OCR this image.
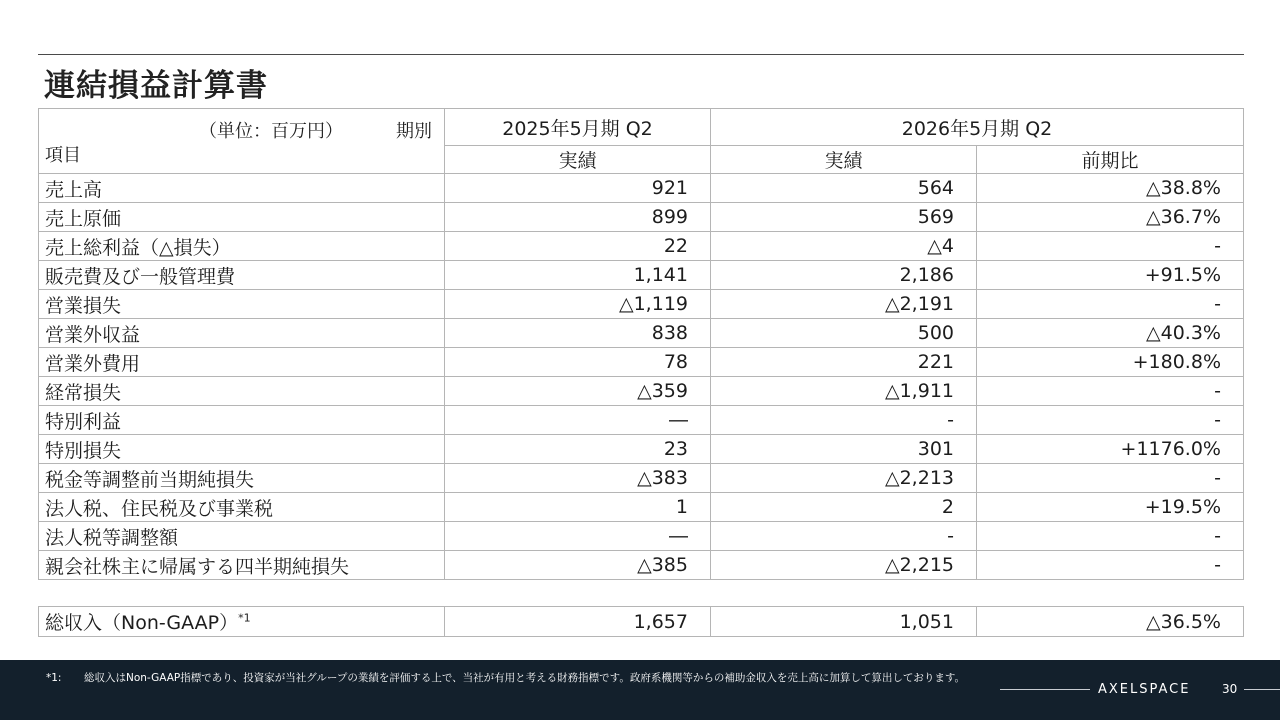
連結損益計算書
（単位：百万円） 期別
項目	2025年5月期 Q2	2026年5月期 Q2	
	実績	実績	前期比
売上高	921	564	△38.8%
売上原価	899	569	△36.7%
売上総利益（△損失）	22	△4	-
販売費及び一般管理費	1,141	2,186	+91.5%
営業損失	△1,119	△2,191	-
営業外収益	838	500	△40.3%
営業外費用	78	221	+180.8%
経常損失	△359	△1,911	-
特別利益	―	-	-
特別損失	23	301	+1176.0%
税金等調整前当期純損失	△383	△2,213	-
法人税、住民税及び事業税	1	2	+19.5%
法人税等調整額	―	-	-
親会社株主に帰属する四半期純損失	△385	△2,215	-
総収入（Non-GAAP）$^{*1}$	1,657	1,051	△36.5%
*1: 総収入はNon-GAAP指標であり、投資家が当社グループの業績を評価する上で、当社が有用と考える財務指標です。政府系機関等からの補助金収入を売上高に加算して算出しております。
AXELSPACE	30
